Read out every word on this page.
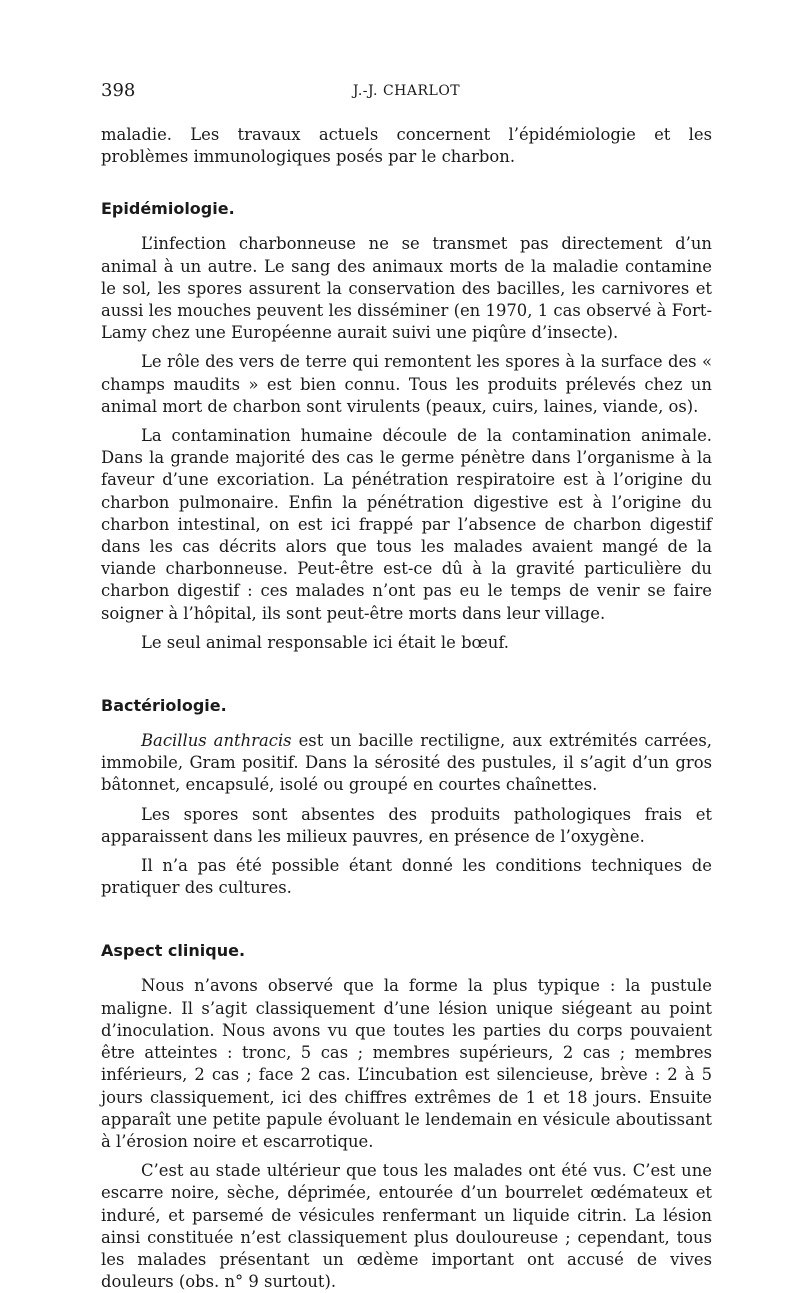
398	J.-J. CHARLOT

maladie. Les travaux actuels concernent l’épidémiologie et les problèmes immunologiques posés par le charbon.

Epidémiologie.

L’infection charbonneuse ne se transmet pas directement d’un animal à un autre. Le sang des animaux morts de la maladie contamine le sol, les spores assurent la conservation des bacilles, les carnivores et aussi les mouches peuvent les disséminer (en 1970, 1 cas observé à Fort-Lamy chez une Européenne aurait suivi une piqûre d’insecte).

Le rôle des vers de terre qui remontent les spores à la surface des « champs maudits » est bien connu. Tous les produits prélevés chez un animal mort de charbon sont virulents (peaux, cuirs, laines, viande, os).

La contamination humaine découle de la contamination animale. Dans la grande majorité des cas le germe pénètre dans l’organisme à la faveur d’une excoriation. La pénétration respiratoire est à l’origine du charbon pulmonaire. Enfin la pénétration digestive est à l’origine du charbon intestinal, on est ici frappé par l’absence de charbon digestif dans les cas décrits alors que tous les malades avaient mangé de la viande charbonneuse. Peut-être est-ce dû à la gravité particulière du charbon digestif : ces malades n’ont pas eu le temps de venir se faire soigner à l’hôpital, ils sont peut-être morts dans leur village.

Le seul animal responsable ici était le bœuf.

Bactériologie.

Bacillus anthracis est un bacille rectiligne, aux extrémités carrées, immobile, Gram positif. Dans la sérosité des pustules, il s’agit d’un gros bâtonnet, encapsulé, isolé ou groupé en courtes chaînettes.

Les spores sont absentes des produits pathologiques frais et apparaissent dans les milieux pauvres, en présence de l’oxygène.

Il n’a pas été possible étant donné les conditions techniques de pratiquer des cultures.

Aspect clinique.

Nous n’avons observé que la forme la plus typique : la pustule maligne. Il s’agit classiquement d’une lésion unique siégeant au point d’inoculation. Nous avons vu que toutes les parties du corps pouvaient être atteintes : tronc, 5 cas ; membres supérieurs, 2 cas ; membres inférieurs, 2 cas ; face 2 cas. L’incubation est silencieuse, brève : 2 à 5 jours classiquement, ici des chiffres extrêmes de 1 et 18 jours. Ensuite apparaît une petite papule évoluant le lendemain en vésicule aboutissant à l’érosion noire et escarrotique.

C’est au stade ultérieur que tous les malades ont été vus. C’est une escarre noire, sèche, déprimée, entourée d’un bourrelet œdémateux et induré, et parsemé de vésicules renfermant un liquide citrin. La lésion ainsi constituée n’est classiquement plus douloureuse ; cependant, tous les malades présentant un œdème important ont accusé de vives douleurs (obs. n° 9 surtout).
